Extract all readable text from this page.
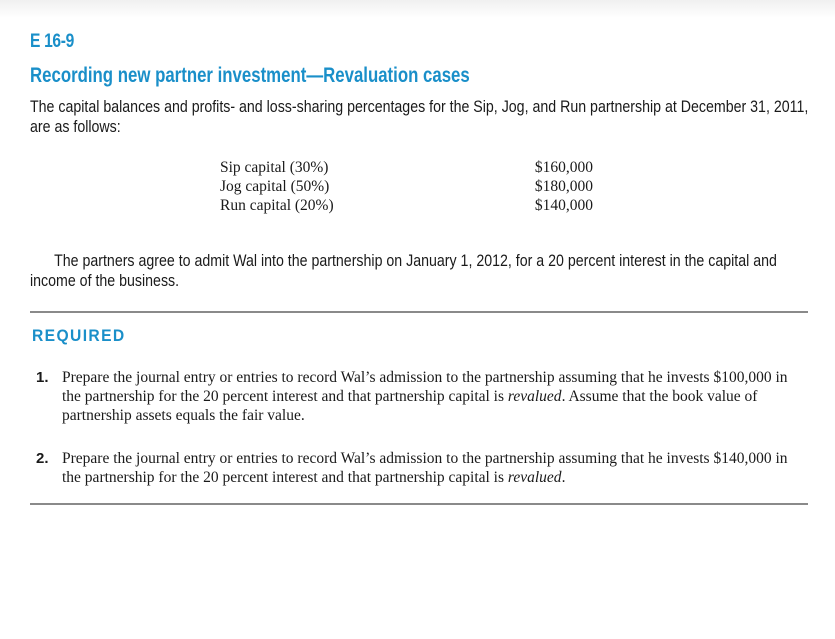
E 16-9
Recording new partner investment—Revaluation cases
The capital balances and profits- and loss-sharing percentages for the Sip, Jog, and Run partnership at December 31, 2011, are as follows:
Sip capital (30%)	$160,000
Jog capital (50%)	$180,000
Run capital (20%)	$140,000
The partners agree to admit Wal into the partnership on January 1, 2012, for a 20 percent interest in the capital and income of the business.
REQUIRED
1. Prepare the journal entry or entries to record Wal’s admission to the partnership assuming that he invests $100,000 in the partnership for the 20 percent interest and that partnership capital is revalued. Assume that the book value of partnership assets equals the fair value.
2. Prepare the journal entry or entries to record Wal’s admission to the partnership assuming that he invests $140,000 in the partnership for the 20 percent interest and that partnership capital is revalued.
